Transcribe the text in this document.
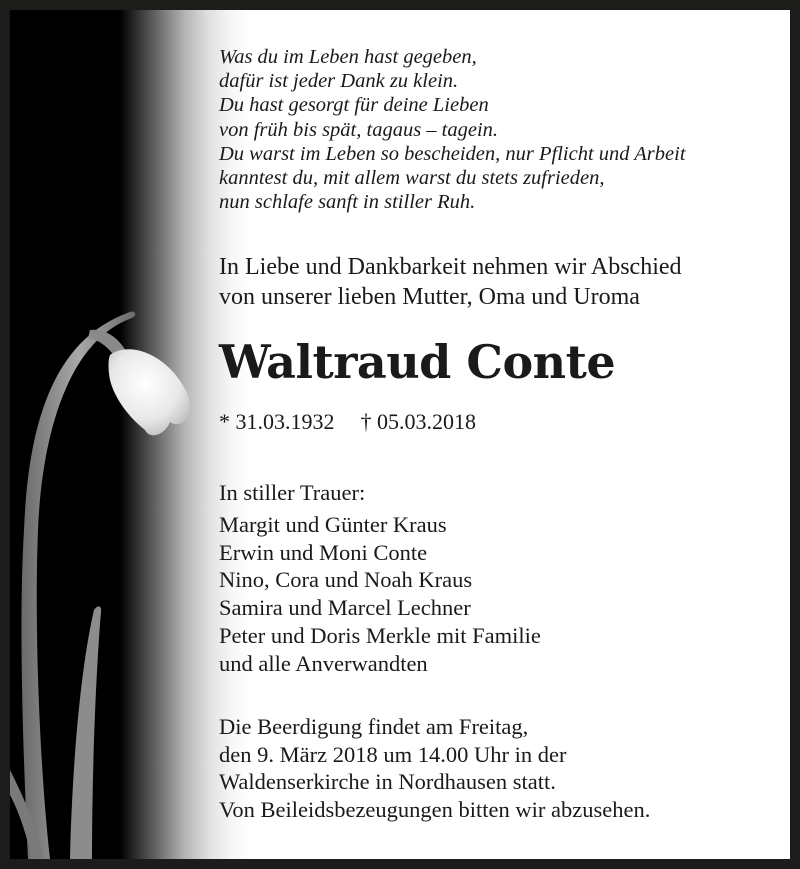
Was du im Leben hast gegeben,
dafür ist jeder Dank zu klein.
Du hast gesorgt für deine Lieben
von früh bis spät, tagaus – tagein.
Du warst im Leben so bescheiden, nur Pflicht und Arbeit
kanntest du, mit allem warst du stets zufrieden,
nun schlafe sanft in stiller Ruh.
In Liebe und Dankbarkeit nehmen wir Abschied
von unserer lieben Mutter, Oma und Uroma
Waltraud Conte
* 31.03.1932 † 05.03.2018
In stiller Trauer:
Margit und Günter Kraus
Erwin und Moni Conte
Nino, Cora und Noah Kraus
Samira und Marcel Lechner
Peter und Doris Merkle mit Familie
und alle Anverwandten
Die Beerdigung findet am Freitag,
den 9. März 2018 um 14.00 Uhr in der
Waldenserkirche in Nordhausen statt.
Von Beileidsbezeugungen bitten wir abzusehen.
